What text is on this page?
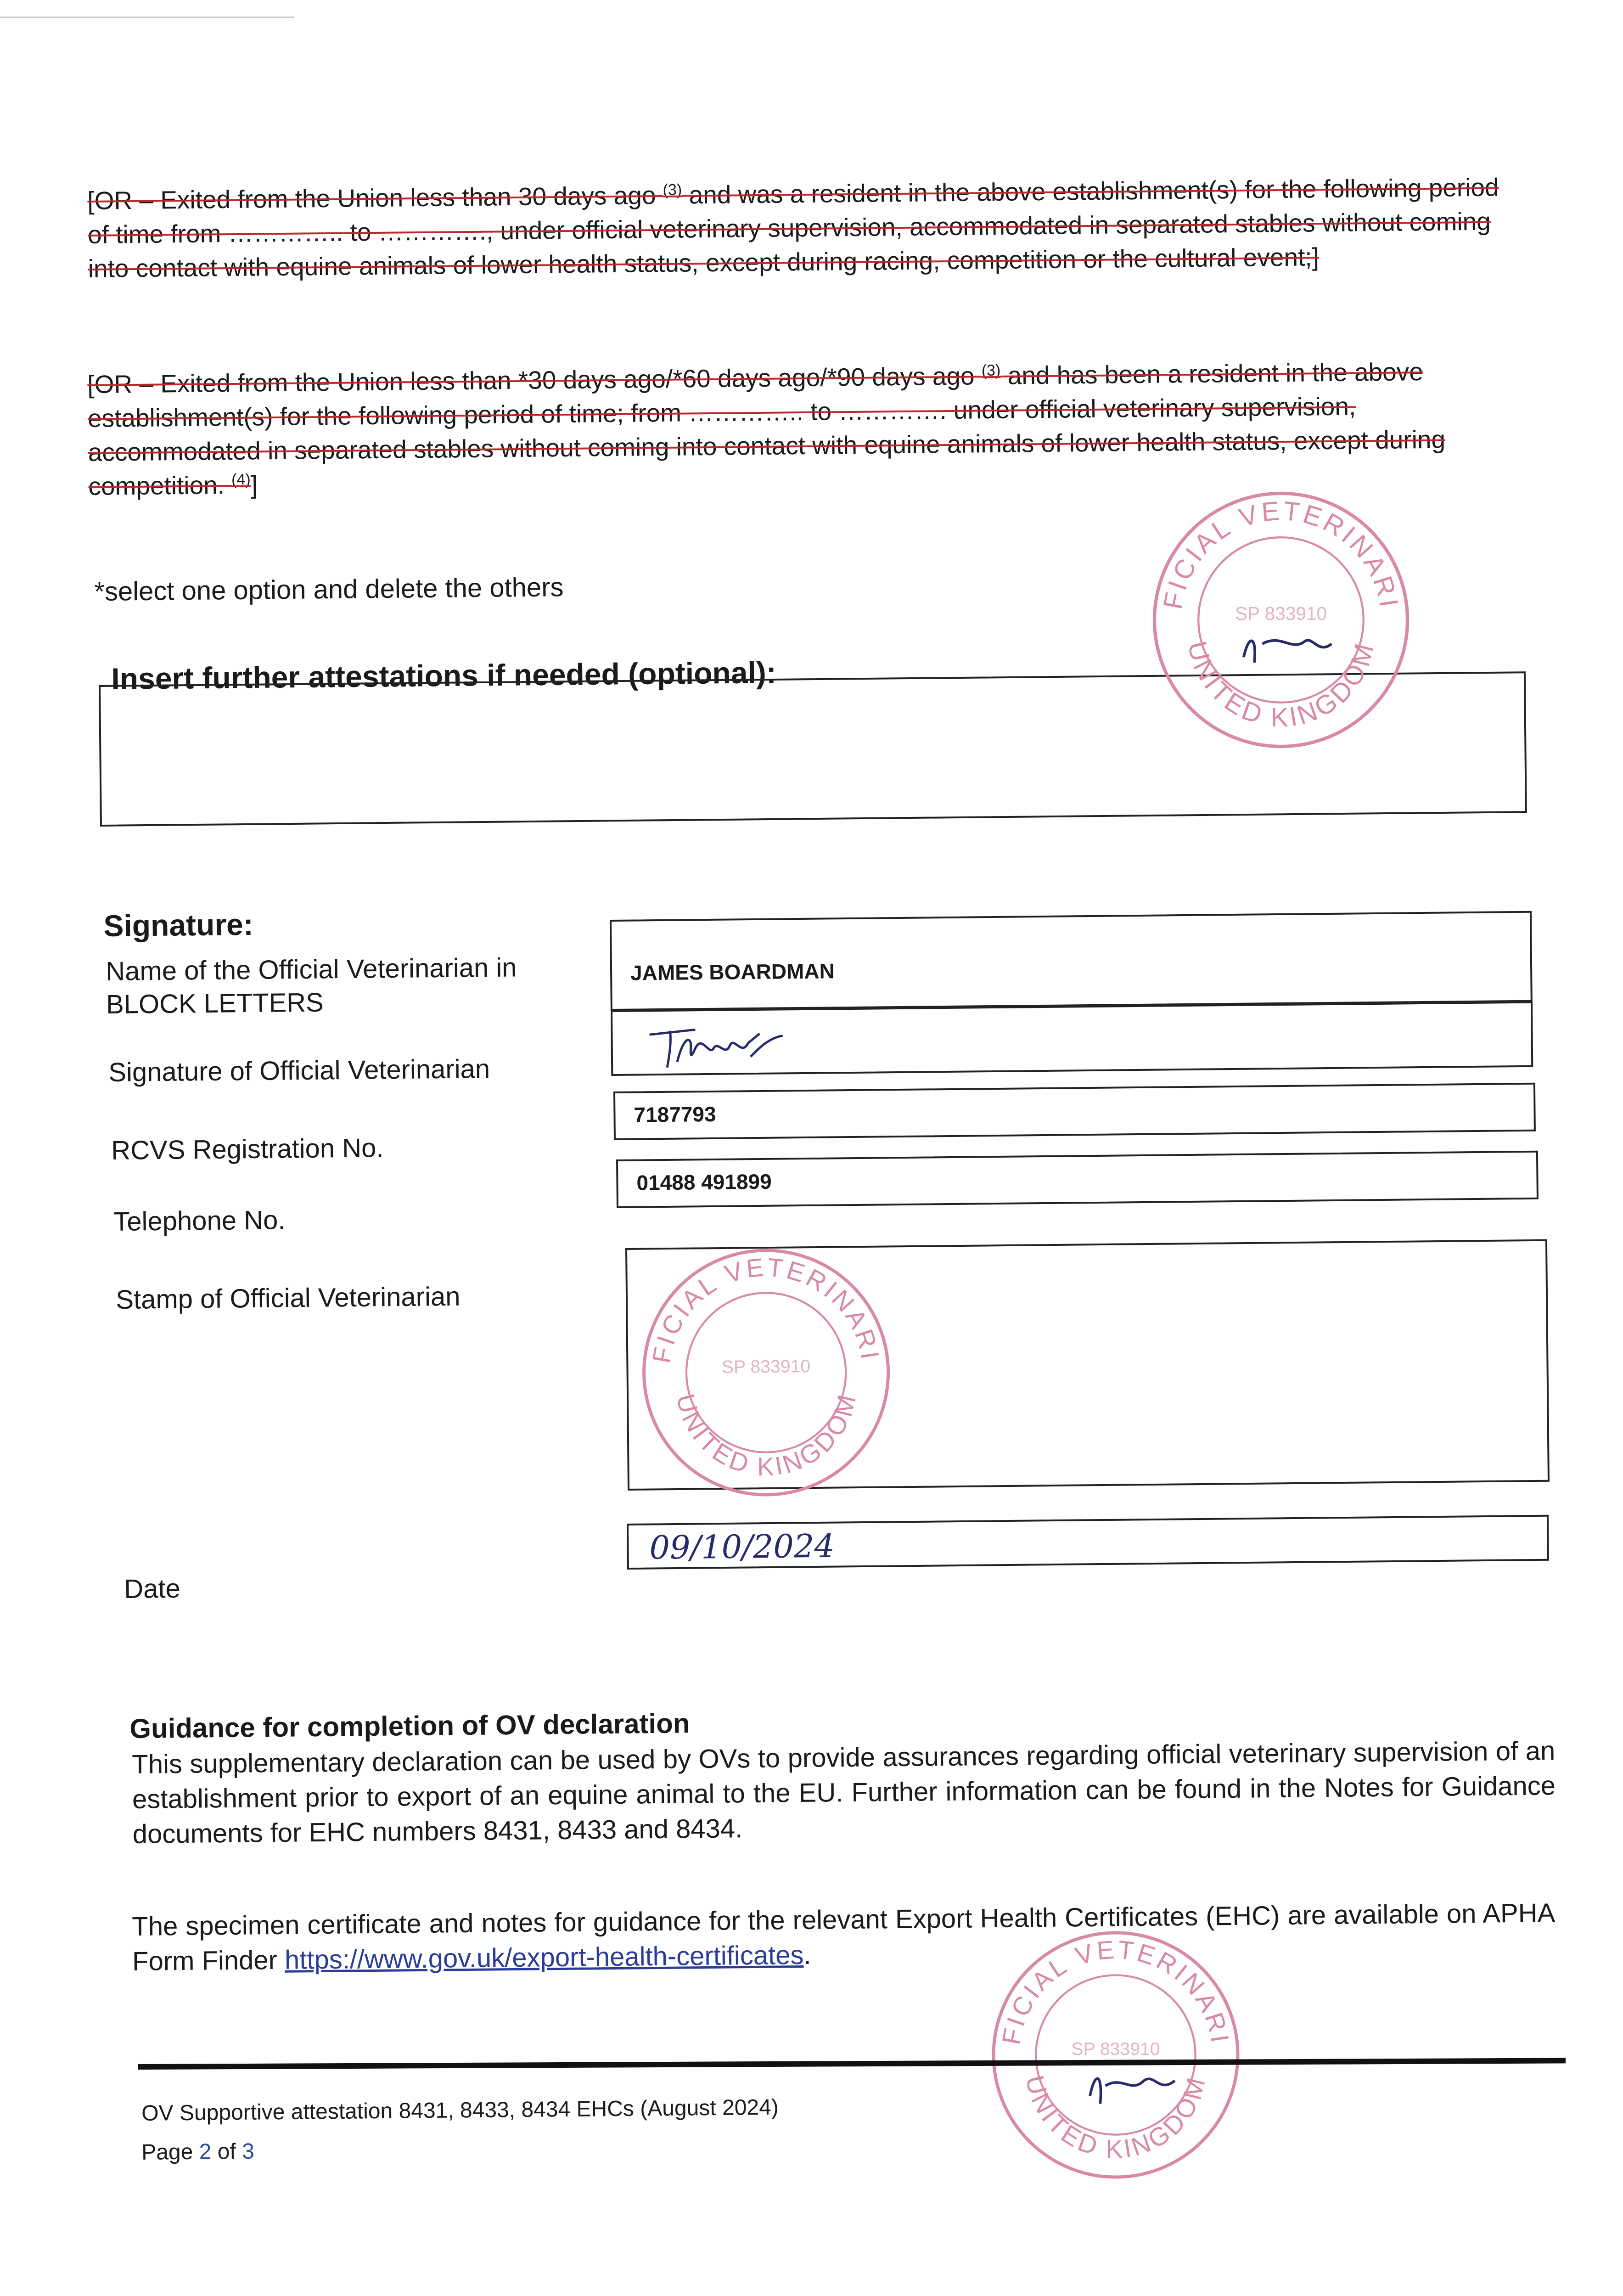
[OR – Exited from the Union less than 30 days ago $^{(3)}$ and was a resident in the above establishment(s) for the following period of time from ………….. to …………., under official veterinary supervision, accommodated in separated stables without coming into contact with equine animals of lower health status, except during racing, competition or the cultural event;]
[OR – Exited from the Union less than *30 days ago/*60 days ago/*90 days ago $^{(3)}$ and has been a resident in the above establishment(s) for the following period of time; from ………….. to …………. under official veterinary supervision, accommodated in separated stables without coming into contact with equine animals of lower health status, except during competition. $^{(4)}$]
*select one option and delete the others
Insert further attestations if needed (optional):
FICIAL VETERINARI
UNITED KINGDOM
SP 833910
Signature:
Name of the Official Veterinarian in BLOCK LETTERS
JAMES BOARDMAN
Signature of Official Veterinarian
RCVS Registration No.
7187793
Telephone No.
01488 491899
Stamp of Official Veterinarian
OFFICIAL VETERINARIAN
UNITED KINGDOM
SP 833910
Date
09/10/2024
Guidance for completion of OV declaration
This supplementary declaration can be used by OVs to provide assurances regarding official veterinary supervision of an establishment prior to export of an equine animal to the EU. Further information can be found in the Notes for Guidance documents for EHC numbers 8431, 8433 and 8434.
The specimen certificate and notes for guidance for the relevant Export Health Certificates (EHC) are available on APHA Form Finder https://www.gov.uk/export-health-certificates.
FICIAL VETERINARI
UNITED KINGDOM
SP 833910
OV Supportive attestation 8431, 8433, 8434 EHCs (August 2024)
Page 2 of 3
